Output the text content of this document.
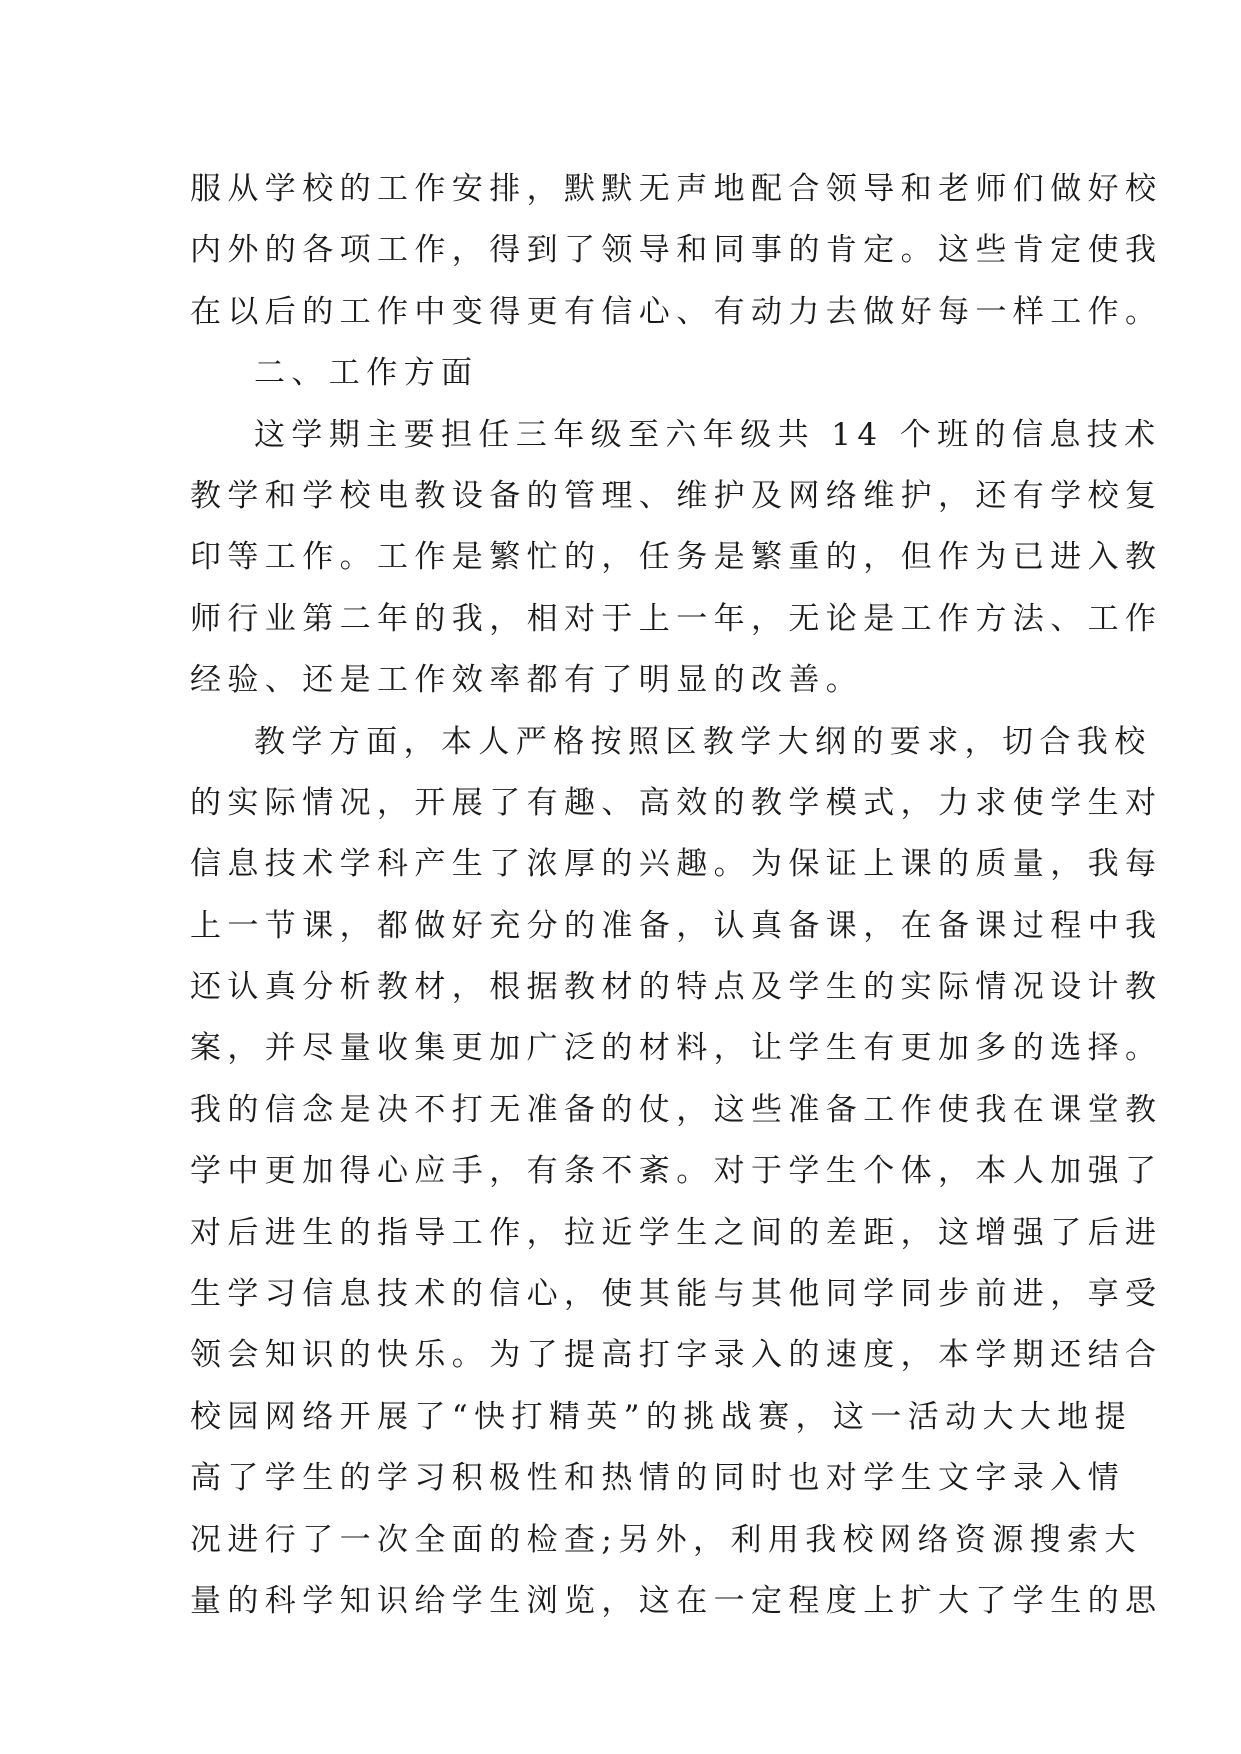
服从学校的工作安排，默默无声地配合领导和老师们做好校
内外的各项工作，得到了领导和同事的肯定。这些肯定使我
在以后的工作中变得更有信心、有动力去做好每一样工作。
二、工作方面
这学期主要担任三年级至六年级共 14 个班的信息技术
教学和学校电教设备的管理、维护及网络维护，还有学校复
印等工作。工作是繁忙的，任务是繁重的，但作为已进入教
师行业第二年的我，相对于上一年，无论是工作方法、工作
经验、还是工作效率都有了明显的改善。
教学方面，本人严格按照区教学大纲的要求，切合我校
的实际情况，开展了有趣、高效的教学模式，力求使学生对
信息技术学科产生了浓厚的兴趣。为保证上课的质量，我每
上一节课，都做好充分的准备，认真备课，在备课过程中我
还认真分析教材，根据教材的特点及学生的实际情况设计教
案，并尽量收集更加广泛的材料，让学生有更加多的选择。
我的信念是决不打无准备的仗，这些准备工作使我在课堂教
学中更加得心应手，有条不紊。对于学生个体，本人加强了
对后进生的指导工作，拉近学生之间的差距，这增强了后进
生学习信息技术的信心，使其能与其他同学同步前进，享受
领会知识的快乐。为了提高打字录入的速度，本学期还结合
校园网络开展了“快打精英”的挑战赛，这一活动大大地提
高了学生的学习积极性和热情的同时也对学生文字录入情
况进行了一次全面的检查;另外，利用我校网络资源搜索大
量的科学知识给学生浏览，这在一定程度上扩大了学生的思
